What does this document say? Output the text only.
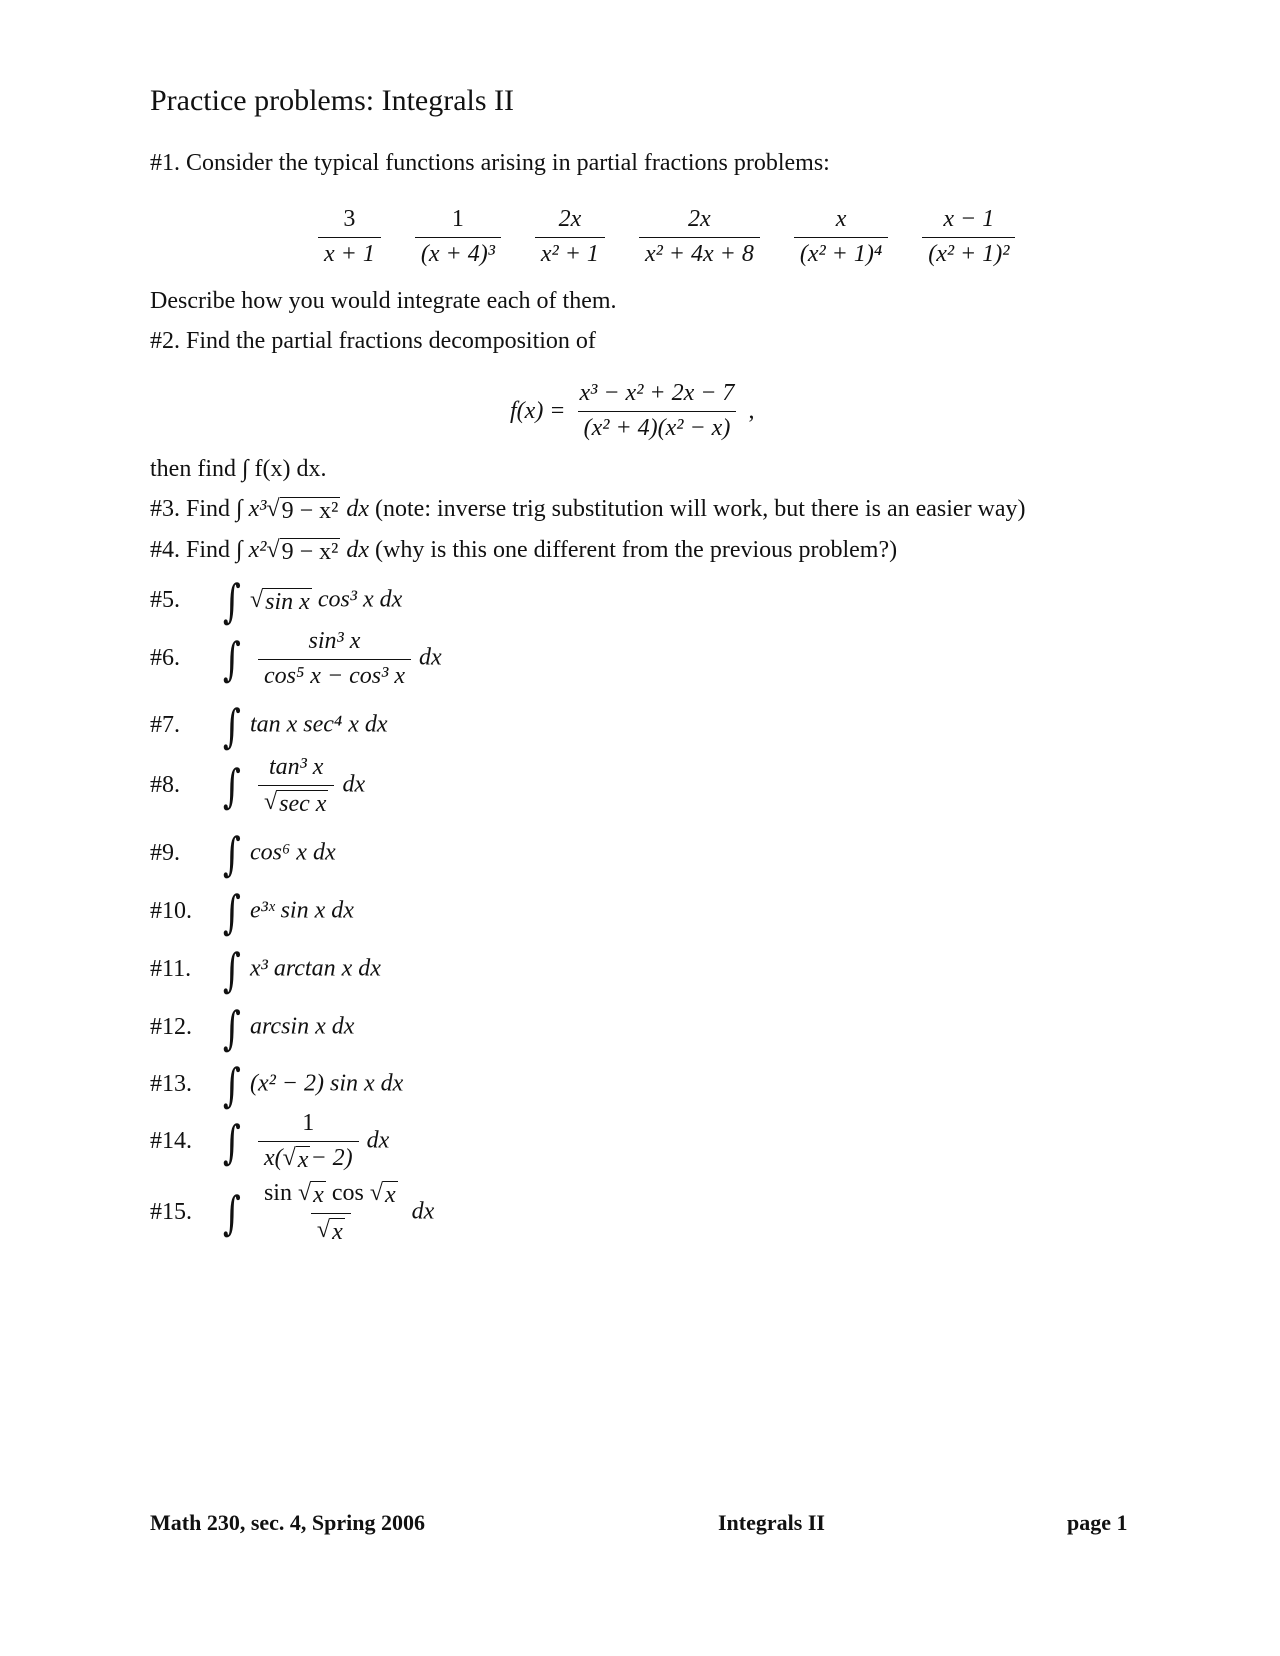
Practice problems: Integrals II
#1. Consider the typical functions arising in partial fractions problems:
$\frac{3}{x + 1} \frac{1}{\text{(x + 4)³}} \frac{2x}{\text{x² + 1}} \frac{2x}{\text{x² + 4x + 8}} \frac{x}{\text{(x² + 1)⁴}} \frac{x - 1}{\text{(x² + 1)²}}$
Describe how you would integrate each of them.
#2. Find the partial fractions decomposition of
$f(x) = \frac{\text{x³ − x² + 2x − 7}}{\text{(x² + 4)(x² − x)}}$ ,
then find ∫ f(x) dx.
#3. Find ∫ x³ √ 9 − x² dx (note: inverse trig substitution will work, but there is an easier way)
#4. Find ∫ x² √ 9 − x² dx (why is this one different from the previous problem?)
#5. ∫ √ sin x cos³ x dx
#6. ∫ $\frac{\text{sin³ x}}{\text{cos⁵ x − cos³ x}}$ dx
#7. ∫ tan x sec⁴ x dx
#8. ∫ $\frac{\text{tan³ x}}{\text{√ sec x}}$ dx
#9. ∫ cos⁶ x dx
#10. ∫ e³ˣ sin x dx
#11. ∫ x³ arctan x dx
#12. ∫ arcsin x dx
#13. ∫ (x² − 2) sin x dx
#14. ∫ $\frac{1}{x( √ x - 2)}$ dx
#15. ∫ $\frac{\text{sin √ x cos √ x}}{√ x}$ dx
Math 230, sec. 4, Spring 2006	Integrals II	page 1
